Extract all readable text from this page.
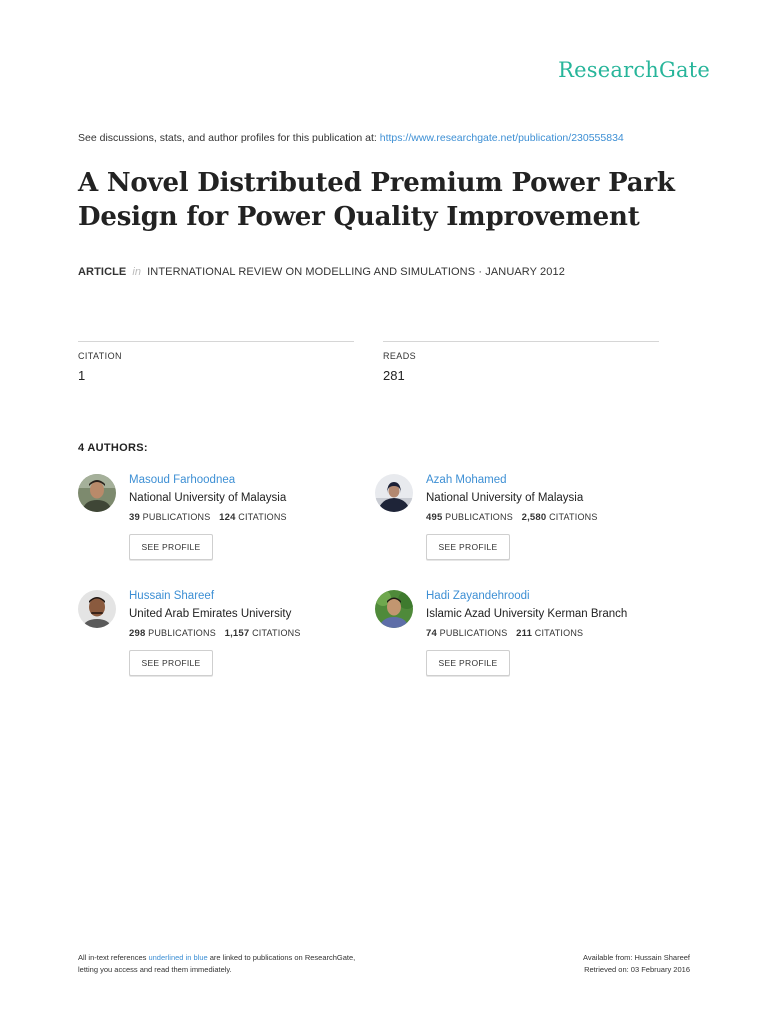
ResearchGate
See discussions, stats, and author profiles for this publication at: https://www.researchgate.net/publication/230555834
A Novel Distributed Premium Power Park Design for Power Quality Improvement
ARTICLE in INTERNATIONAL REVIEW ON MODELLING AND SIMULATIONS · JANUARY 2012
CITATION
1
READS
281
4 AUTHORS:
Masoud Farhoodnea
National University of Malaysia
39 PUBLICATIONS 124 CITATIONS
SEE PROFILE
Azah Mohamed
National University of Malaysia
495 PUBLICATIONS 2,580 CITATIONS
SEE PROFILE
Hussain Shareef
United Arab Emirates University
298 PUBLICATIONS 1,157 CITATIONS
SEE PROFILE
Hadi Zayandehroodi
Islamic Azad University Kerman Branch
74 PUBLICATIONS 211 CITATIONS
SEE PROFILE
All in-text references underlined in blue are linked to publications on ResearchGate,
letting you access and read them immediately.
Available from: Hussain Shareef
Retrieved on: 03 February 2016
